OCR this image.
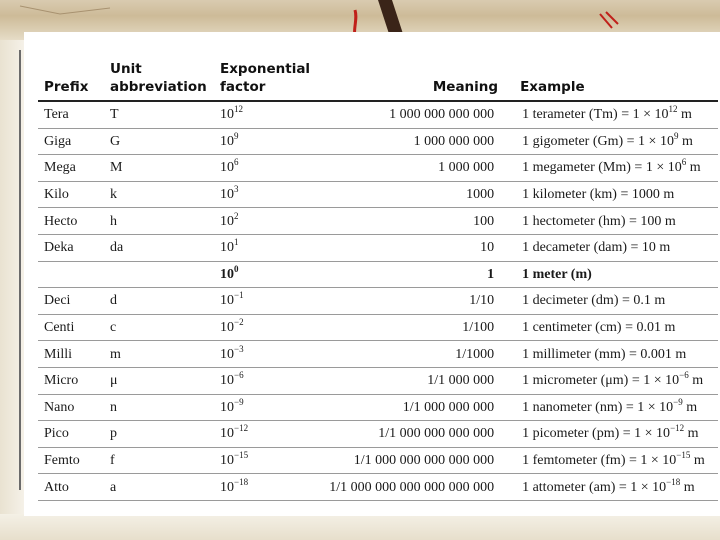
Prefix	Unit abbreviation	Exponential factor	Meaning	Example
Tera	T	$10^{12}$	1 000 000 000 000	1 terameter $(Tm) = 1 \times 10^{12}$ m
Giga	G	$10^9$	1 000 000 000	1 gigometer $(Gm) = 1 \times 10^9$ m
Mega	M	$10^6$	1 000 000	1 megameter $(Mm) = 1 \times 10^6$ m
Kilo	k	$10^3$	1000	1 kilometer (km) = 1000 m
Hecto	h	$10^2$	100	1 hectometer (hm) = 100 m
Deka	da	$10^1$	10	1 decameter (dam) = 10 m
		$10^0$	1	1 meter (m)
Deci	d	$10^{-1}$	1/10	1 decimeter (dm) = 0.1 m
Centi	c	$10^{-2}$	1/100	1 centimeter (cm) = 0.01 m
Milli	m	$10^{-3}$	1/1000	1 millimeter (mm) = 0.001 m
Micro	μ	$10^{-6}$	1/1 000 000	1 micrometer $(\mu m) = 1 \times 10^{-6}$ m
Nano	n	$10^{-9}$	1/1 000 000 000	1 nanometer $(nm) = 1 \times 10^{-9}$ m
Pico	p	$10^{-12}$	1/1 000 000 000 000	1 picometer $(pm) = 1 \times 10^{-12}$ m
Femto	f	$10^{-15}$	1/1 000 000 000 000 000	1 femtometer $(fm) = 1 \times 10^{-15}$ m
Atto	a	$10^{-18}$	1/1 000 000 000 000 000 000	1 attometer $(am) = 1 \times 10^{-18}$ m
